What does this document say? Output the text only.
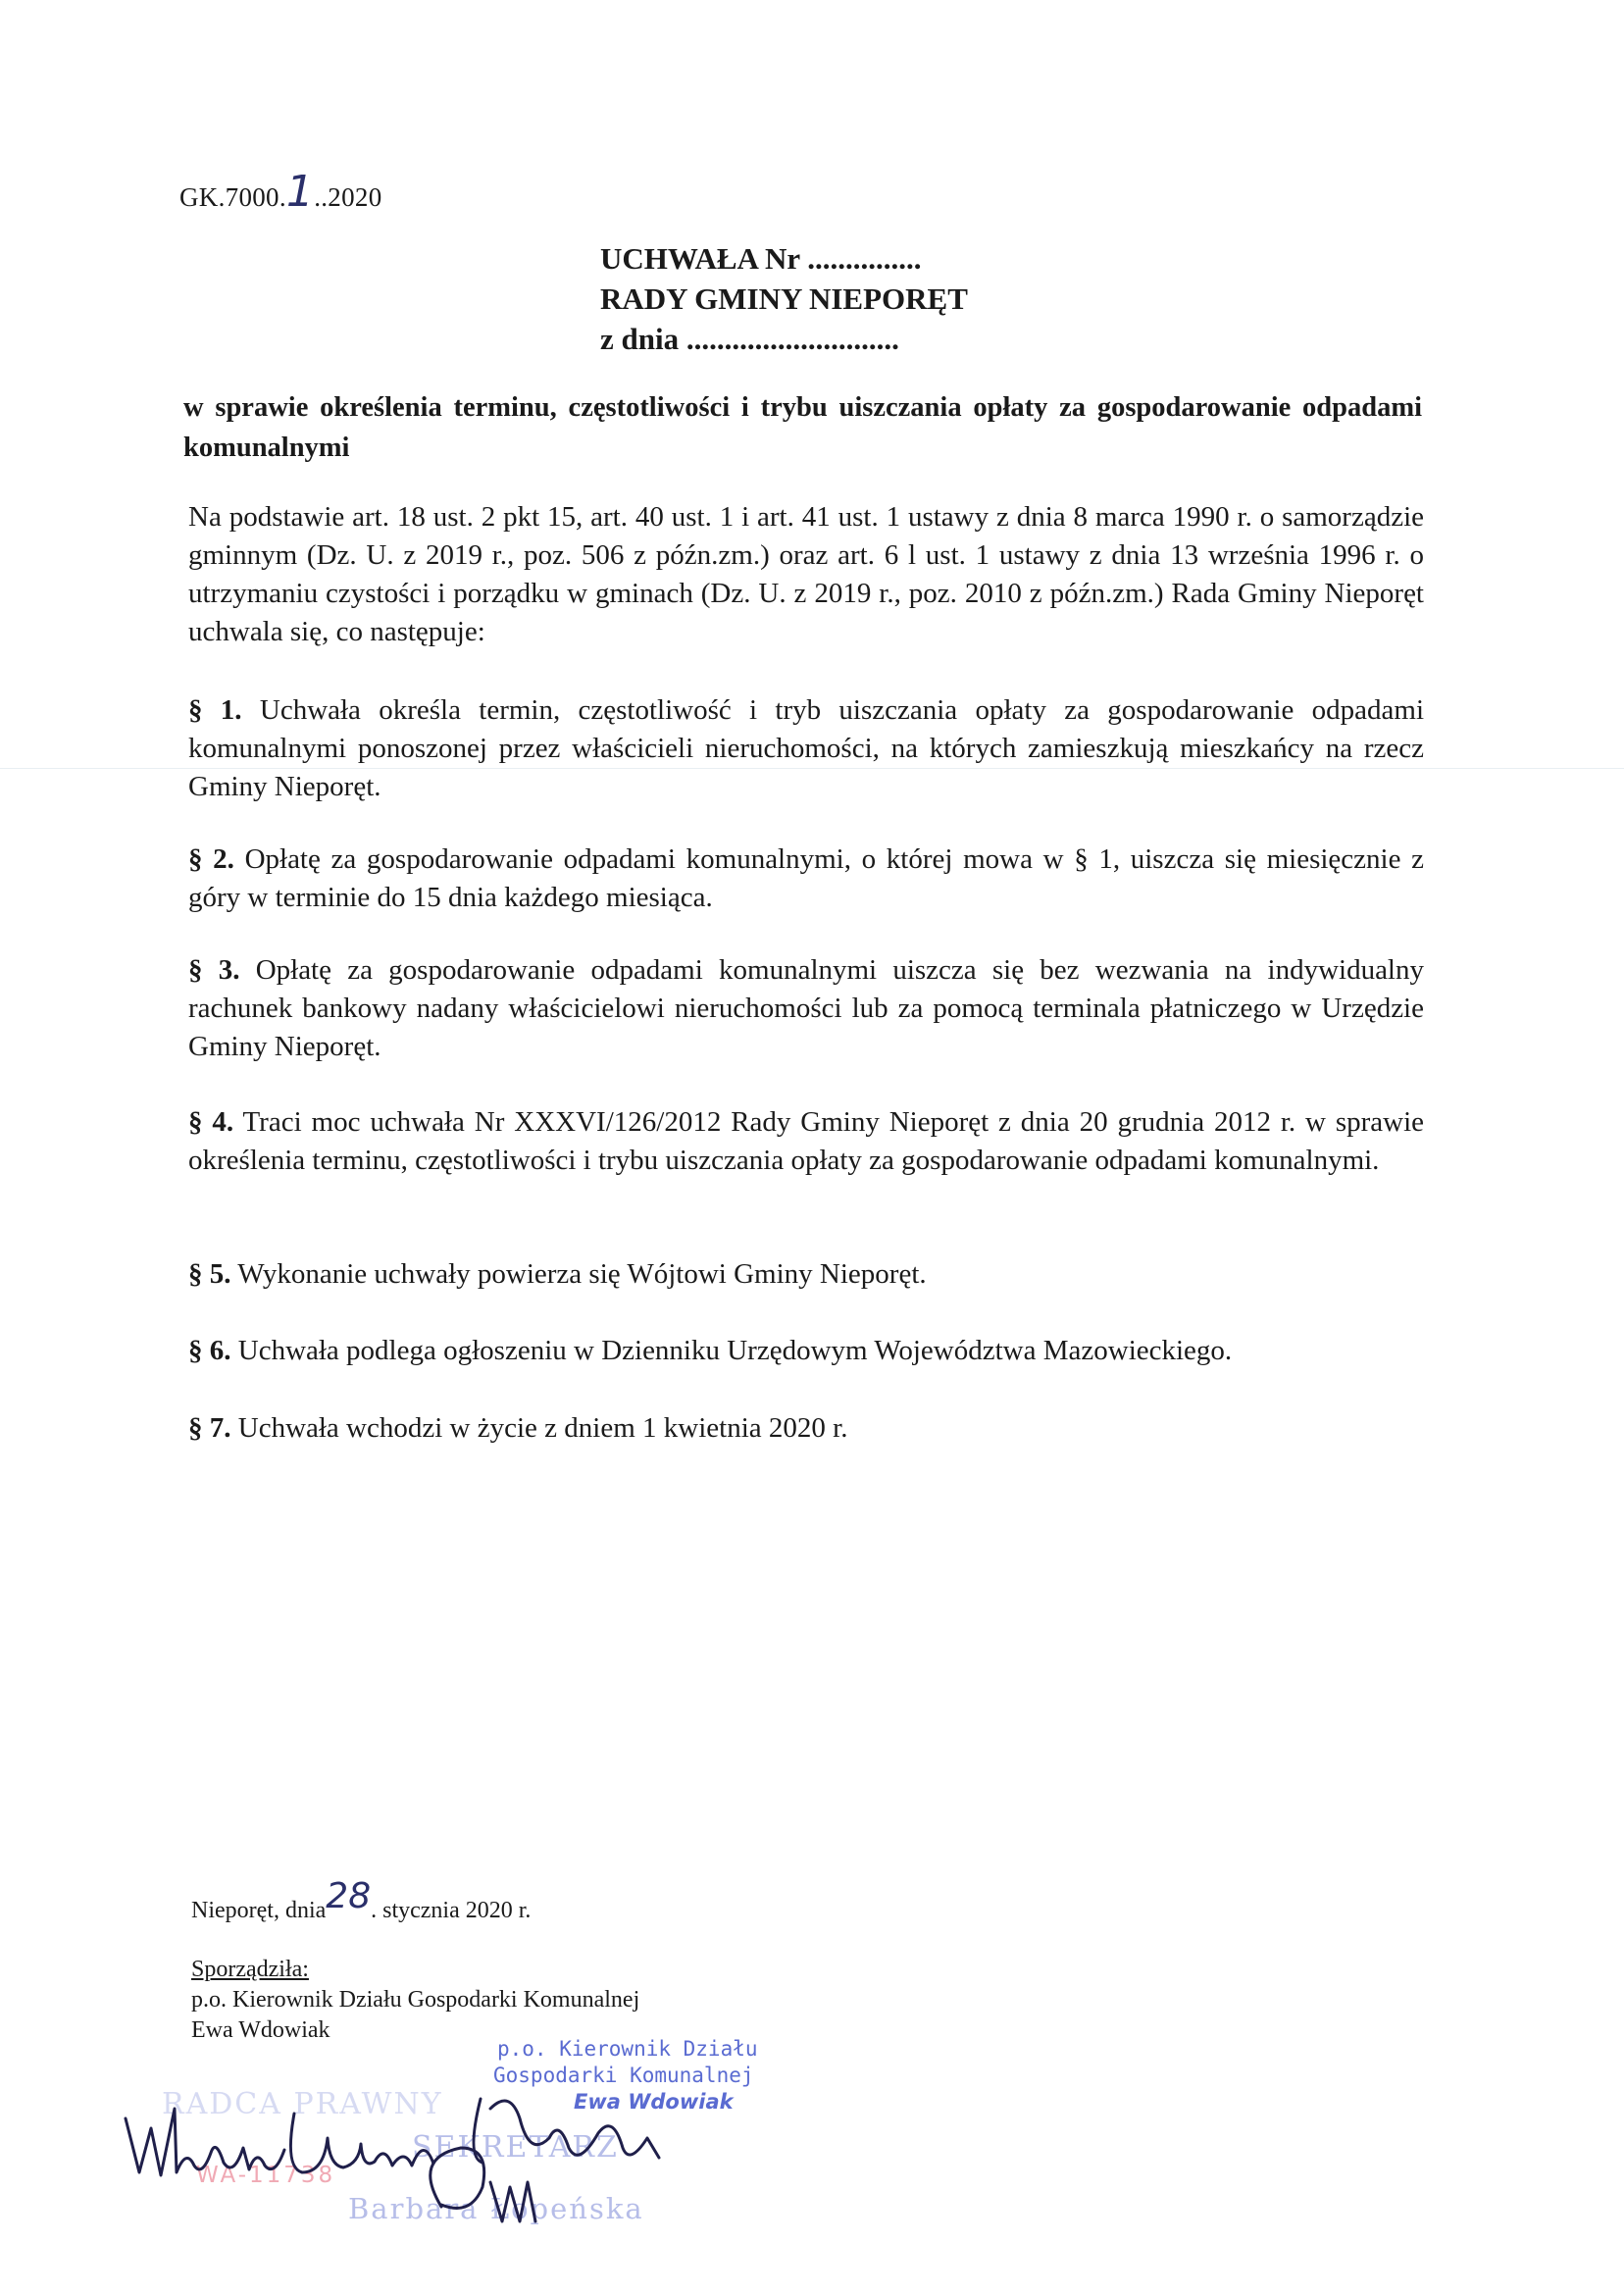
GK.7000.1..2020
UCHWAŁA Nr ...............
RADY GMINY NIEPORĘT
z dnia ............................
w sprawie określenia terminu, częstotliwości i trybu uiszczania opłaty za gospodarowanie odpadami komunalnymi
Na podstawie art. 18 ust. 2 pkt 15, art. 40 ust. 1 i art. 41 ust. 1 ustawy z dnia 8 marca 1990 r. o samorządzie gminnym (Dz. U. z 2019 r., poz. 506 z późn.zm.) oraz art. 6 l ust. 1 ustawy z dnia 13 września 1996 r. o utrzymaniu czystości i porządku w gminach (Dz. U. z 2019 r., poz. 2010 z późn.zm.) Rada Gminy Nieporęt uchwala się, co następuje:
§ 1. Uchwała określa termin, częstotliwość i tryb uiszczania opłaty za gospodarowanie odpadami komunalnymi ponoszonej przez właścicieli nieruchomości, na których zamieszkują mieszkańcy na rzecz Gminy Nieporęt.
§ 2. Opłatę za gospodarowanie odpadami komunalnymi, o której mowa w § 1, uiszcza się miesięcznie z góry w terminie do 15 dnia każdego miesiąca.
§ 3. Opłatę za gospodarowanie odpadami komunalnymi uiszcza się bez wezwania na indywidualny rachunek bankowy nadany właścicielowi nieruchomości lub za pomocą terminala płatniczego w Urzędzie Gminy Nieporęt.
§ 4. Traci moc uchwała Nr XXXVI/126/2012 Rady Gminy Nieporęt z dnia 20 grudnia 2012 r. w sprawie określenia terminu, częstotliwości i trybu uiszczania opłaty za gospodarowanie odpadami komunalnymi.
§ 5. Wykonanie uchwały powierza się Wójtowi Gminy Nieporęt.
§ 6. Uchwała podlega ogłoszeniu w Dzienniku Urzędowym Województwa Mazowieckiego.
§ 7. Uchwała wchodzi w życie z dniem 1 kwietnia 2020 r.
Nieporęt, dnia28. stycznia 2020 r.
Sporządziła:
p.o. Kierownik Działu Gospodarki Komunalnej
Ewa Wdowiak
p.o. Kierownik Działu
Gospodarki Komunalnej
Ewa Wdowiak
RADCA PRAWNY
WA-11738
SEKRETARZ
Barbara Łopeńska
